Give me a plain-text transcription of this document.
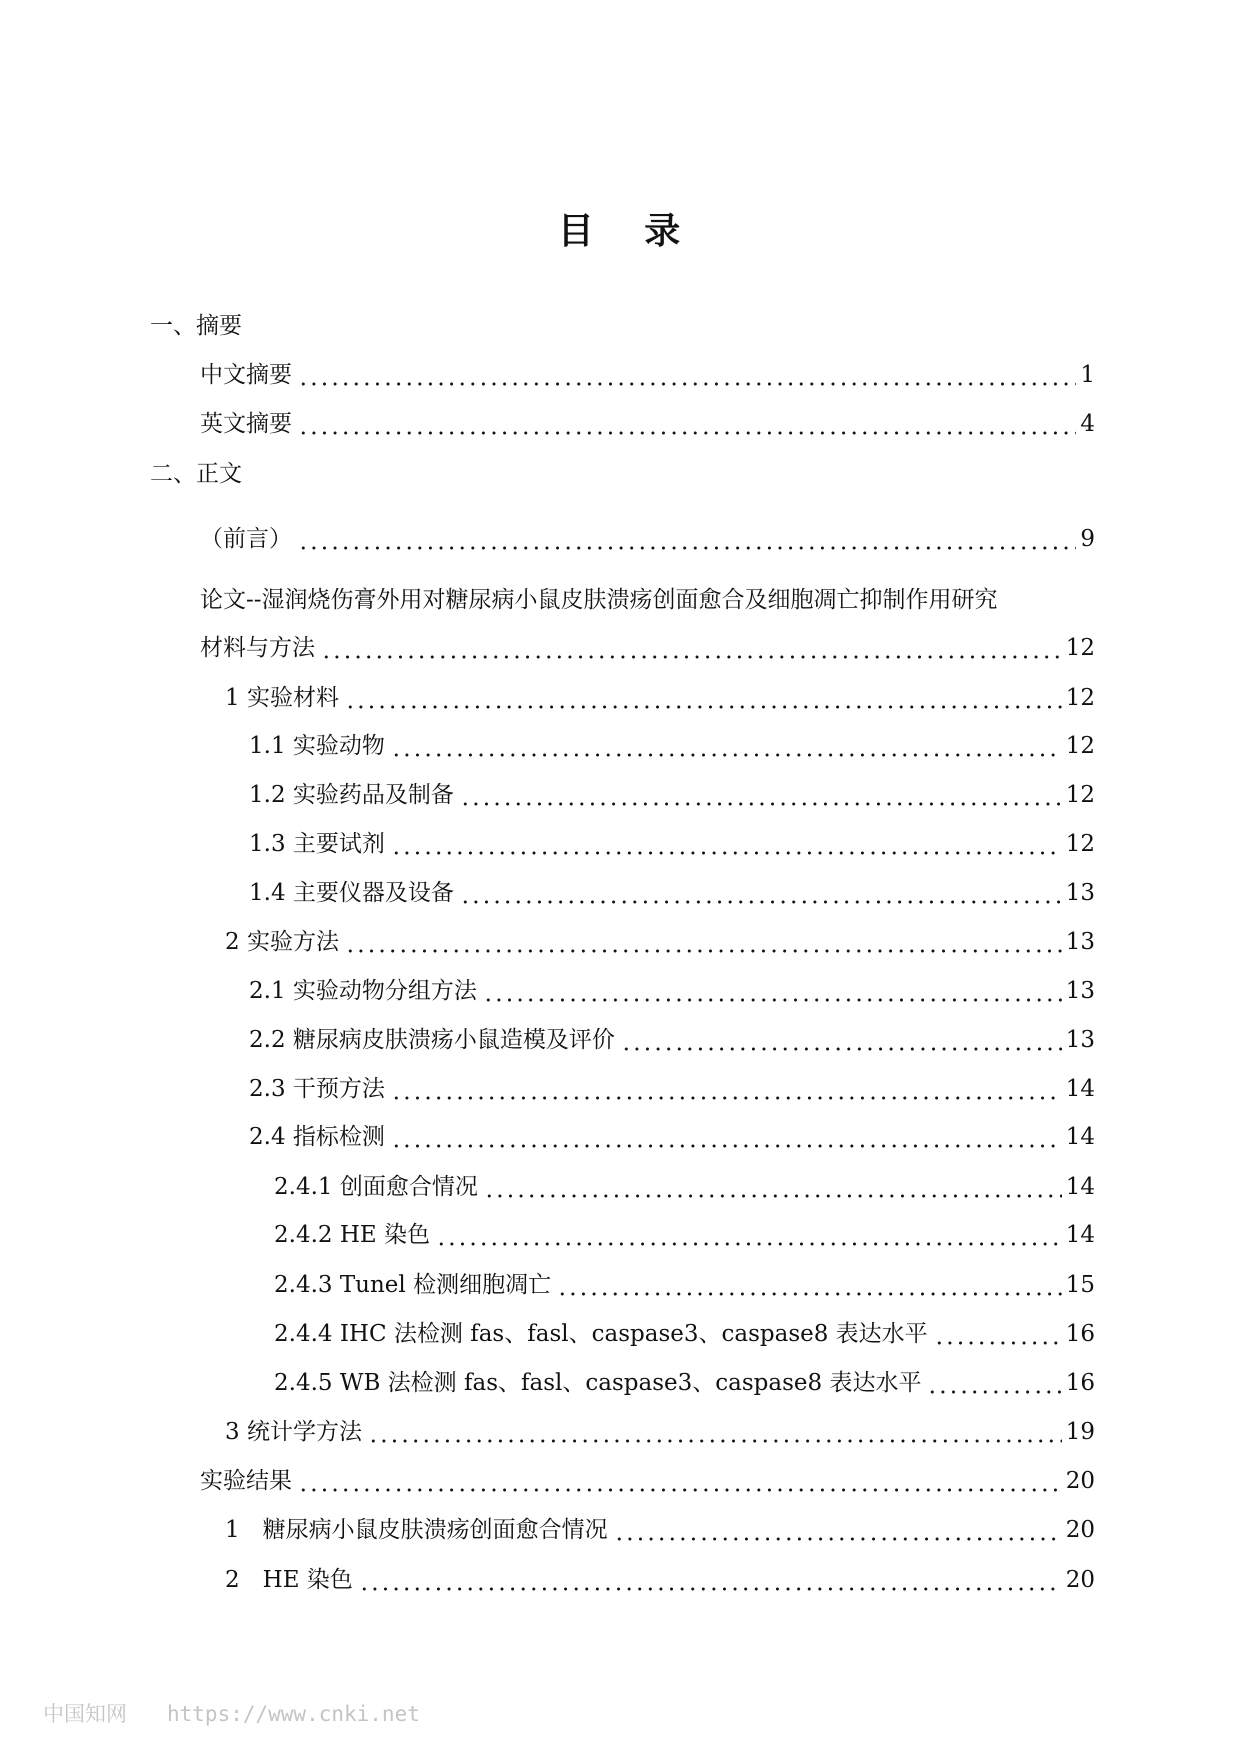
目 录
一、摘要
中文摘要	1
英文摘要	4
二、正文
（前言）	9
论文--湿润烧伤膏外用对糖尿病小鼠皮肤溃疡创面愈合及细胞凋亡抑制作用研究
材料与方法	12
1 实验材料	12
1.1 实验动物	12
1.2 实验药品及制备	12
1.3 主要试剂	12
1.4 主要仪器及设备	13
2 实验方法	13
2.1 实验动物分组方法	13
2.2 糖尿病皮肤溃疡小鼠造模及评价	13
2.3 干预方法	14
2.4 指标检测	14
2.4.1 创面愈合情况	14
2.4.2 HE 染色	14
2.4.3 Tunel 检测细胞凋亡	15
2.4.4 IHC 法检测 fas、fasl、caspase3、caspase8 表达水平	16
2.4.5 WB 法检测 fas、fasl、caspase3、caspase8 表达水平	16
3 统计学方法	19
实验结果	20
1　糖尿病小鼠皮肤溃疡创面愈合情况	20
2　HE 染色	20
中国知网 https://www.cnki.net
